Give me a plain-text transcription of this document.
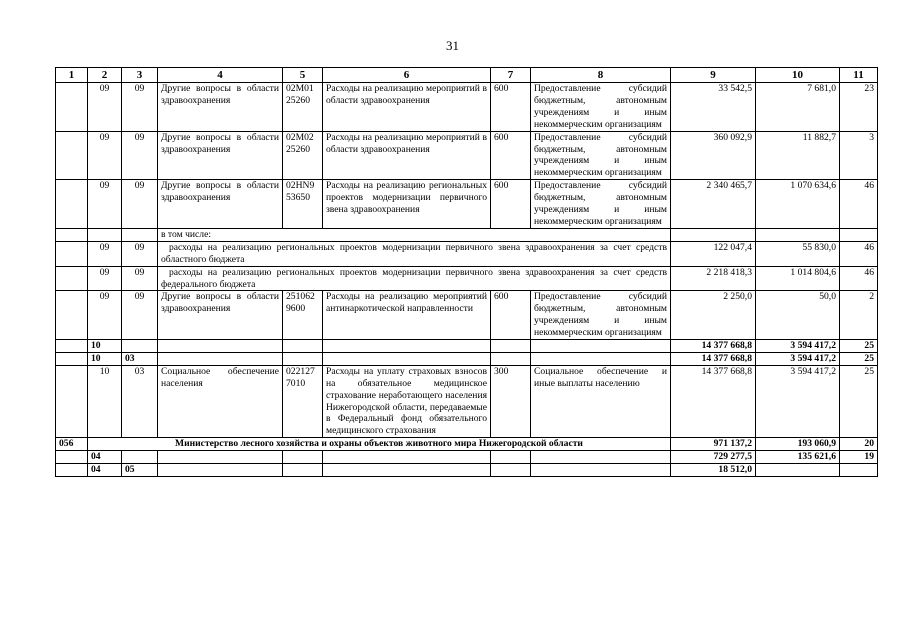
31
1	2	3	4	5	6	7	8	9	10	11
	09	09	Другие вопросы в области здравоохранения	02М01 25260	Расходы на реализацию мероприятий в области здравоохранения	600	Предоставление субсидий бюджетным, автономным учреждениям и иным некоммерческим организациям	33 542,5	7 681,0	23
	09	09	Другие вопросы в области здравоохранения	02М02 25260	Расходы на реализацию мероприятий в области здравоохранения	600	Предоставление субсидий бюджетным, автономным учреждениям и иным некоммерческим организациям	360 092,9	11 882,7	3
	09	09	Другие вопросы в области здравоохранения	02НN9 53650	Расходы на реализацию региональных проектов модернизации первичного звена здравоохранения	600	Предоставление субсидий бюджетным, автономным учреждениям и иным некоммерческим организациям	2 340 465,7	1 070 634,6	46
			в том числе:							
	09	09	расходы на реализацию региональных проектов модернизации первичного звена здравоохранения за счет средств областного бюджета					122 047,4	55 830,0	46
	09	09	расходы на реализацию региональных проектов модернизации первичного звена здравоохранения за счет средств федерального бюджета					2 218 418,3	1 014 804,6	46
	09	09	Другие вопросы в области здравоохранения	251062 9600	Расходы на реализацию мероприятий антинаркотической направленности	600	Предоставление субсидий бюджетным, автономным учреждениям и иным некоммерческим организациям	2 250,0	50,0	2
	10							14 377 668,8	3 594 417,2	25
	10	03						14 377 668,8	3 594 417,2	25
	10	03	Социальное обеспечение населения	022127 7010	Расходы на уплату страховых взносов на обязательное медицинское страхование неработающего населения Нижегородской области, передаваемые в Федеральный фонд обязательного медицинского страхования	300	Социальное обеспечение и иные выплаты населению	14 377 668,8	3 594 417,2	25
056	Министерство лесного хозяйства и охраны объектов животного мира Нижегородской области							971 137,2	193 060,9	20
	04							729 277,5	135 621,6	19
	04	05						18 512,0		
